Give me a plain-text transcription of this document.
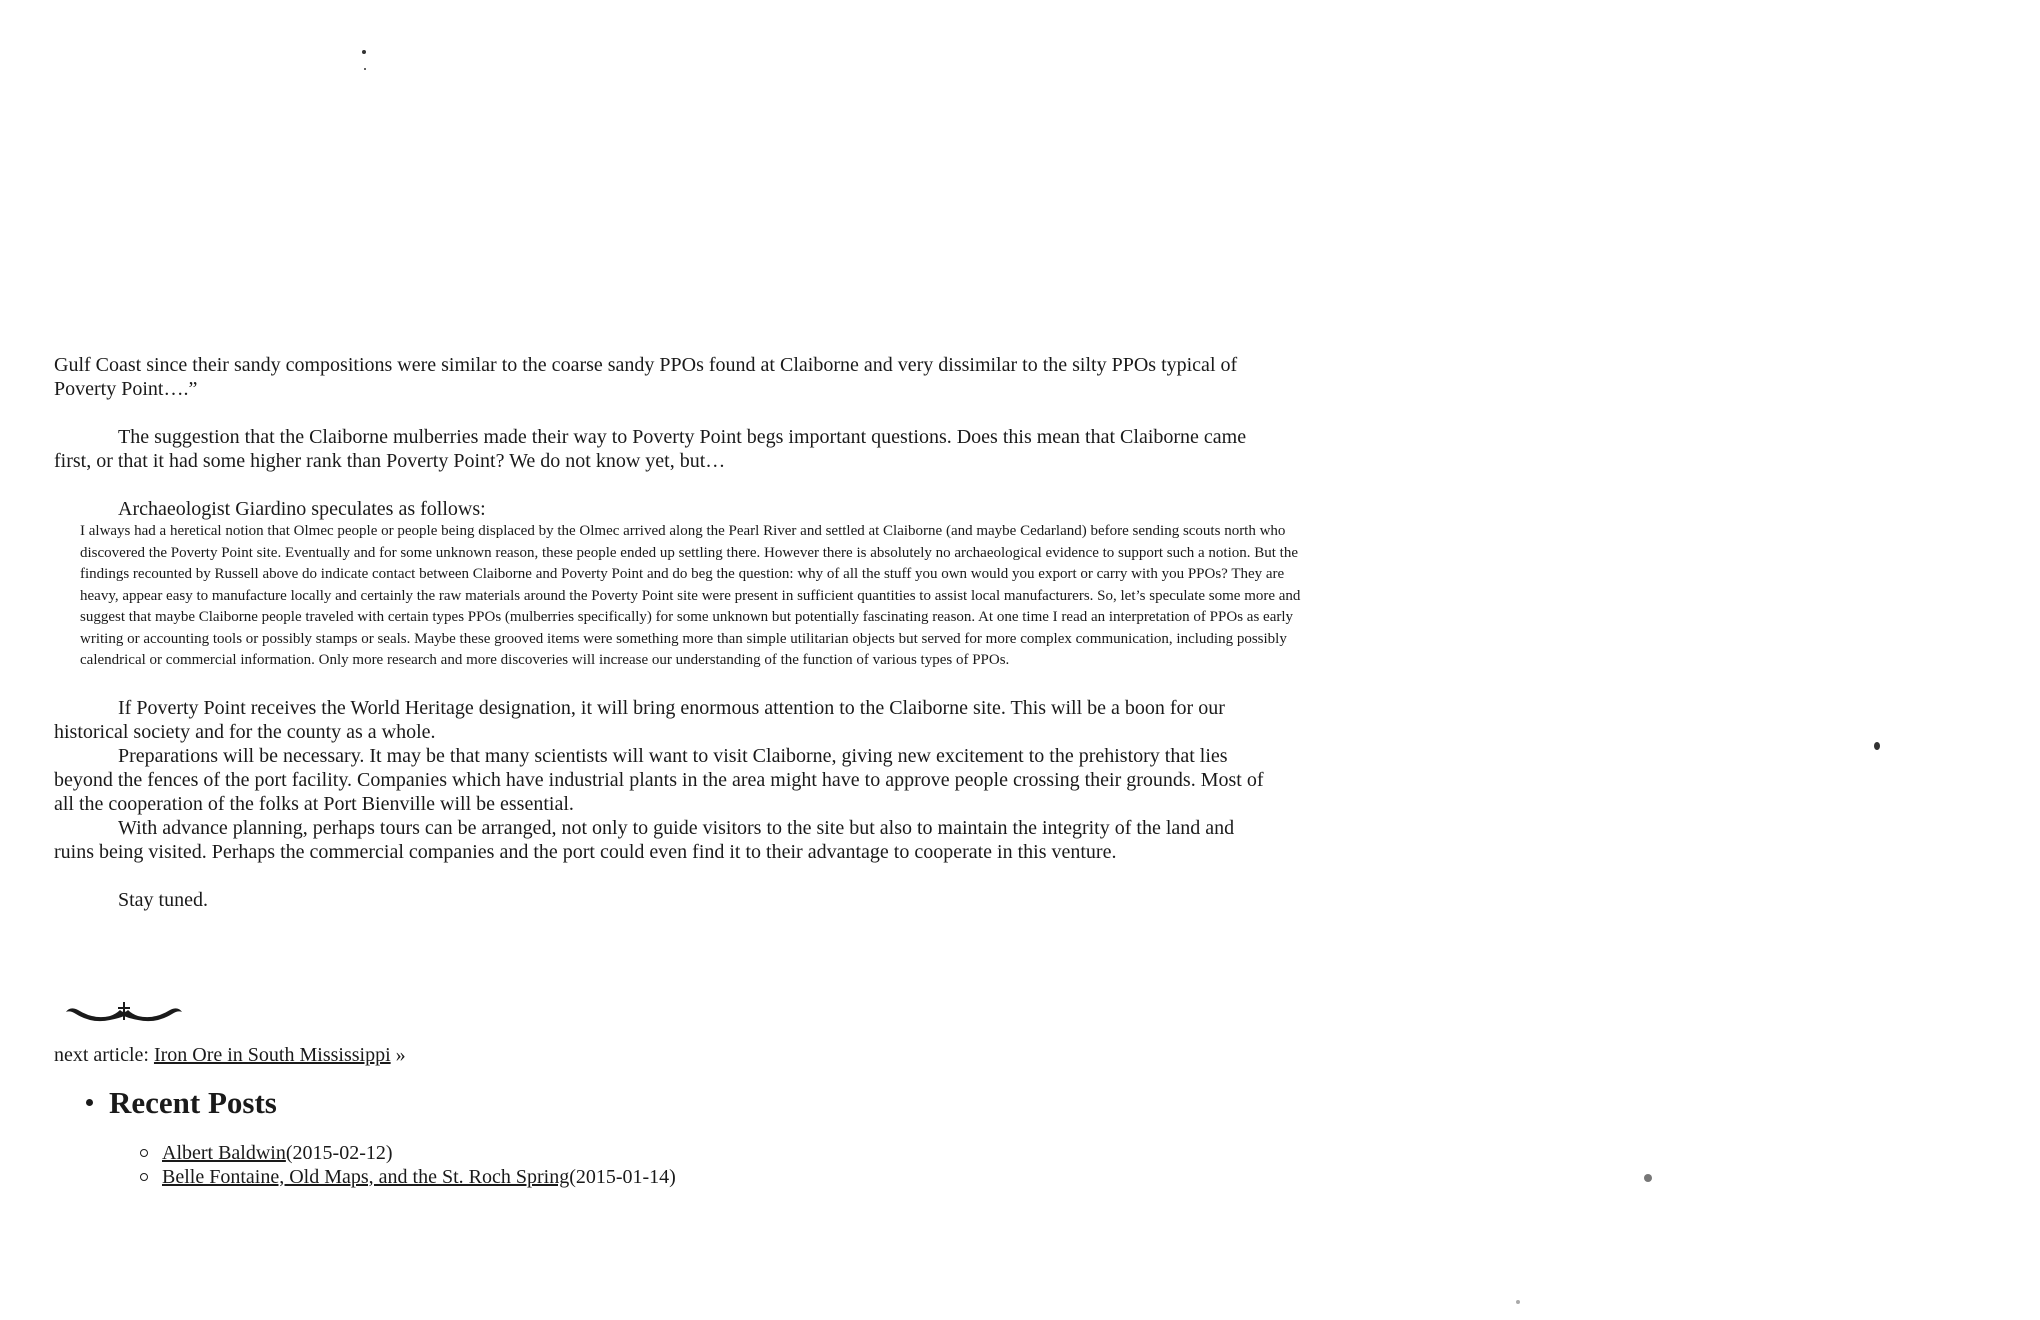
Gulf Coast since their sandy compositions were similar to the coarse sandy PPOs found at Claiborne and very dissimilar to the silty PPOs typical of Poverty Point….”

The suggestion that the Claiborne mulberries made their way to Poverty Point begs important questions. Does this mean that Claiborne came first, or that it had some higher rank than Poverty Point? We do not know yet, but…

Archaeologist Giardino speculates as follows:

I always had a heretical notion that Olmec people or people being displaced by the Olmec arrived along the Pearl River and settled at Claiborne (and maybe Cedarland) before sending scouts north who discovered the Poverty Point site. Eventually and for some unknown reason, these people ended up settling there. However there is absolutely no archaeological evidence to support such a notion. But the findings recounted by Russell above do indicate contact between Claiborne and Poverty Point and do beg the question: why of all the stuff you own would you export or carry with you PPOs? They are heavy, appear easy to manufacture locally and certainly the raw materials around the Poverty Point site were present in sufficient quantities to assist local manufacturers. So, let’s speculate some more and suggest that maybe Claiborne people traveled with certain types PPOs (mulberries specifically) for some unknown but potentially fascinating reason. At one time I read an interpretation of PPOs as early writing or accounting tools or possibly stamps or seals. Maybe these grooved items were something more than simple utilitarian objects but served for more complex communication, including possibly calendrical or commercial information. Only more research and more discoveries will increase our understanding of the function of various types of PPOs.

If Poverty Point receives the World Heritage designation, it will bring enormous attention to the Claiborne site. This will be a boon for our historical society and for the county as a whole.

Preparations will be necessary. It may be that many scientists will want to visit Claiborne, giving new excitement to the prehistory that lies beyond the fences of the port facility. Companies which have industrial plants in the area might have to approve people crossing their grounds. Most of all the cooperation of the folks at Port Bienville will be essential.

With advance planning, perhaps tours can be arranged, not only to guide visitors to the site but also to maintain the integrity of the land and ruins being visited. Perhaps the commercial companies and the port could even find it to their advantage to cooperate in this venture.

Stay tuned.

next article: Iron Ore in South Mississippi »

Recent Posts
Albert Baldwin (2015-02-12)
Belle Fontaine, Old Maps, and the St. Roch Spring (2015-01-14)
